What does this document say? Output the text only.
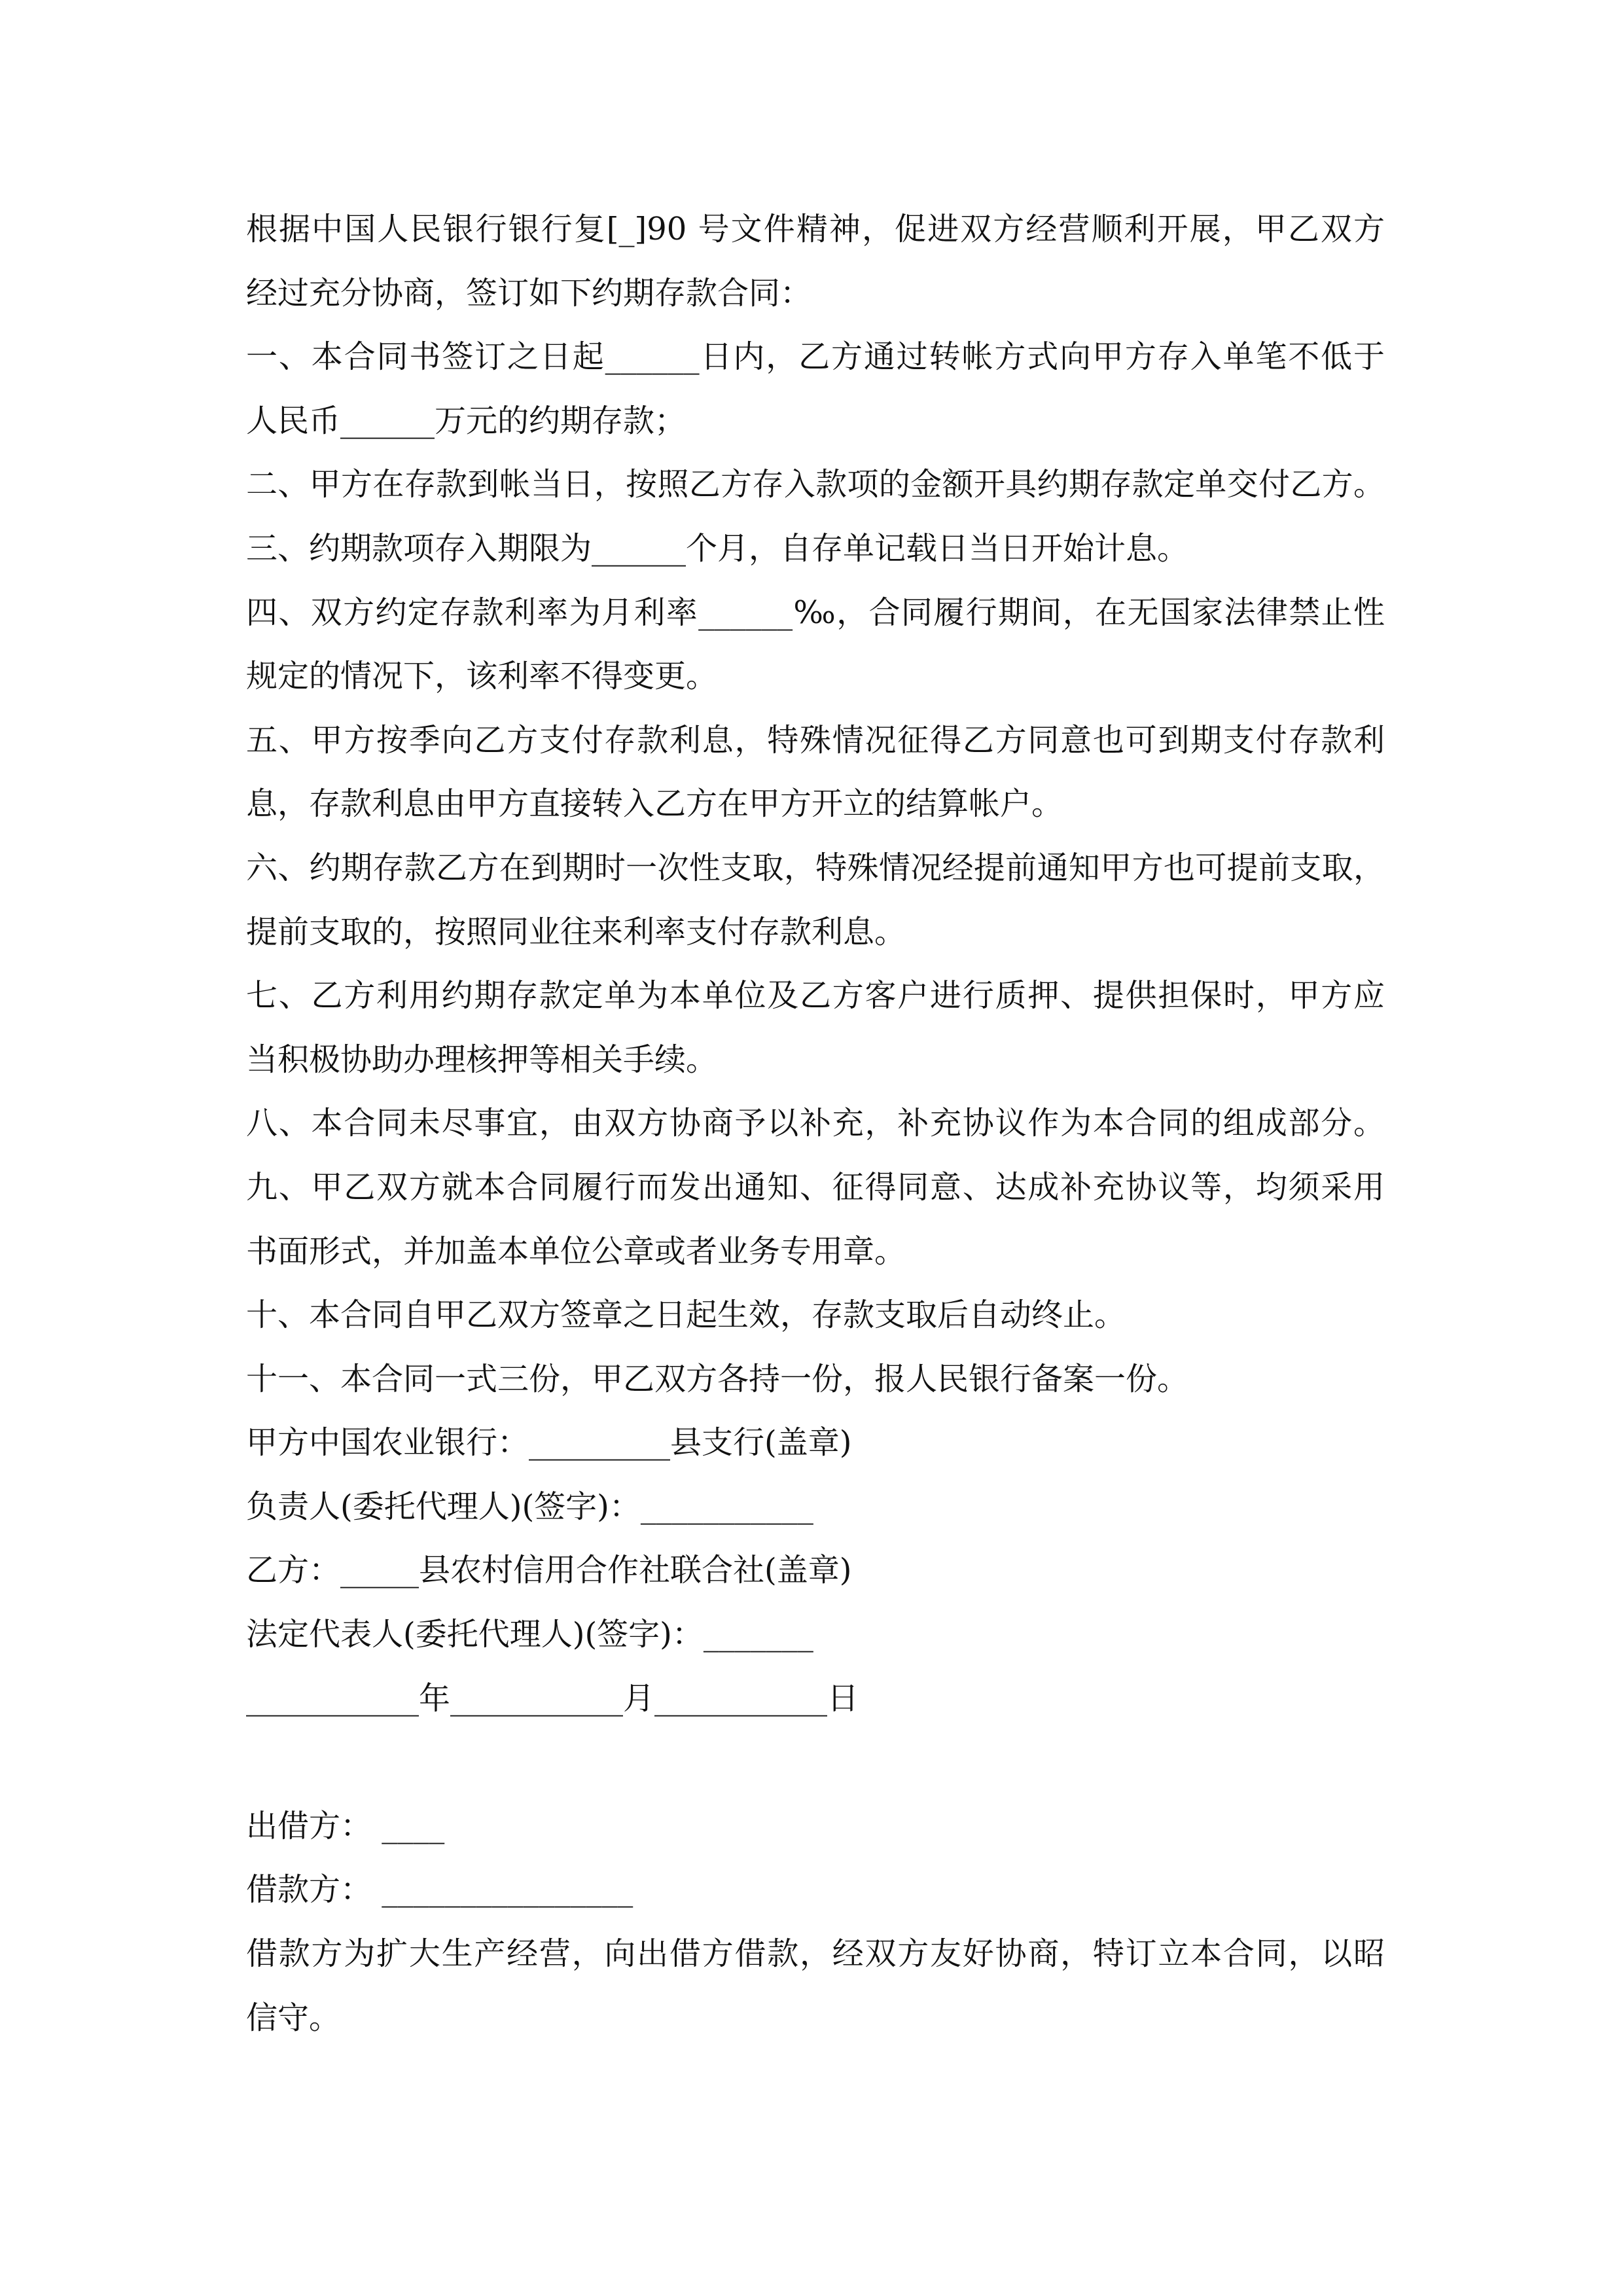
根据中国人民银行银行复[_]90 号文件精神，促进双方经营顺利开展，甲乙双方
经过充分协商，签订如下约期存款合同：
一、本合同书签订之日起______日内，乙方通过转帐方式向甲方存入单笔不低于
人民币______万元的约期存款；
二、甲方在存款到帐当日，按照乙方存入款项的金额开具约期存款定单交付乙方。
三、约期款项存入期限为______个月，自存单记载日当日开始计息。
四、双方约定存款利率为月利率______‰，合同履行期间，在无国家法律禁止性
规定的情况下，该利率不得变更。
五、甲方按季向乙方支付存款利息，特殊情况征得乙方同意也可到期支付存款利
息，存款利息由甲方直接转入乙方在甲方开立的结算帐户。
六、约期存款乙方在到期时一次性支取，特殊情况经提前通知甲方也可提前支取，
提前支取的，按照同业往来利率支付存款利息。
七、乙方利用约期存款定单为本单位及乙方客户进行质押、提供担保时，甲方应
当积极协助办理核押等相关手续。
八、本合同未尽事宜，由双方协商予以补充，补充协议作为本合同的组成部分。
九、甲乙双方就本合同履行而发出通知、征得同意、达成补充协议等，均须采用
书面形式，并加盖本单位公章或者业务专用章。
十、本合同自甲乙双方签章之日起生效，存款支取后自动终止。
十一、本合同一式三份，甲乙双方各持一份，报人民银行备案一份。
甲方中国农业银行：_________县支行(盖章)
负责人(委托代理人)(签字)：___________
乙方：_____县农村信用合作社联合社(盖章)
法定代表人(委托代理人)(签字)：_______
___________年___________月___________日
出借方： ____
借款方： ________________
借款方为扩大生产经营，向出借方借款，经双方友好协商，特订立本合同，以昭
信守。
